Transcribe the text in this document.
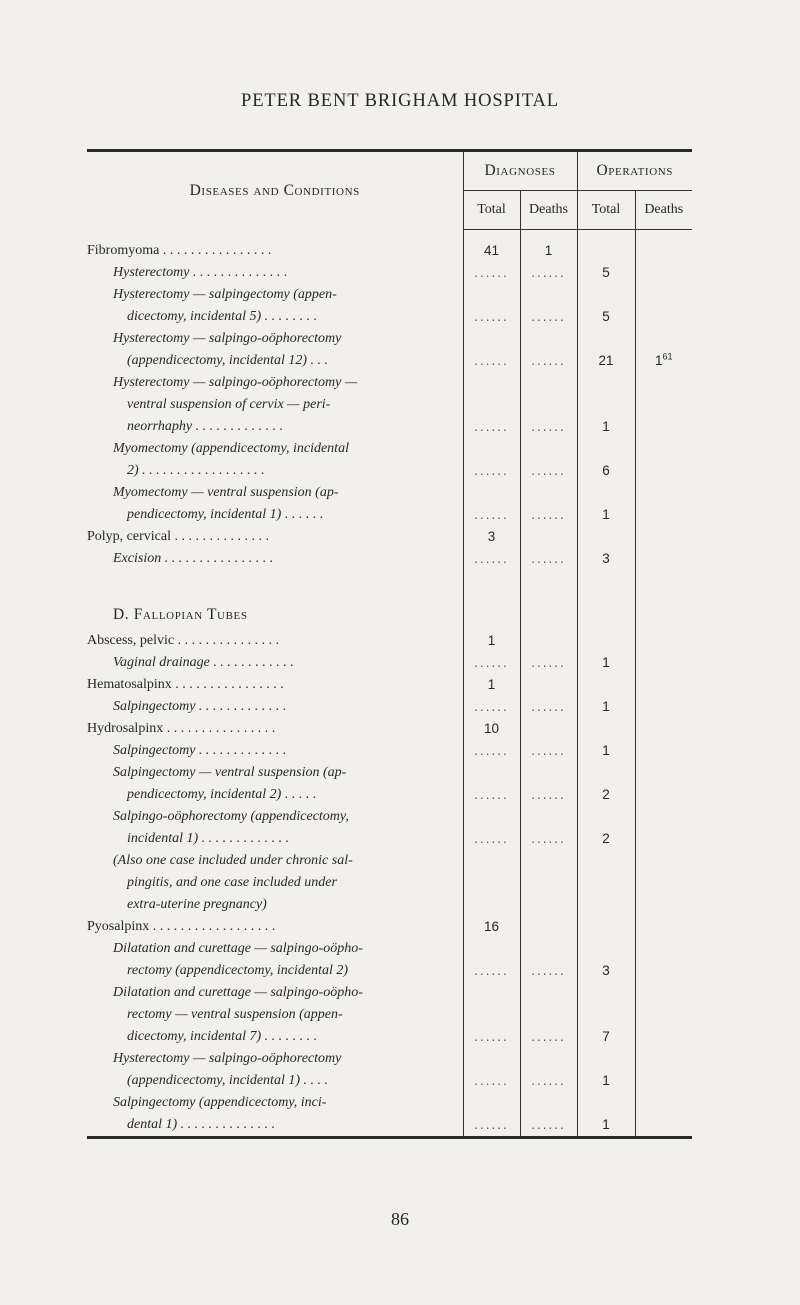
PETER BENT BRIGHAM HOSPITAL
Diseases and Conditions	Diagnoses		Operations	
	Total	Deaths	Total	Deaths

Fibromyoma . . . . . . . . . . . . . . . .	41	1		

Hysterectomy . . . . . . . . . . . . . .	......	......	5	

Hysterectomy — salpingectomy (appen-
dicectomy, incidental 5) . . . . . . . .	......	......	5	

Hysterectomy — salpingo-oöphorectomy
(appendicectomy, incidental 12) . . .	......	......	21	$1^{61}$

Hysterectomy — salpingo-oöphorectomy —
ventral suspension of cervix — peri-
neorrhaphy . . . . . . . . . . . . .	......	......	1	

Myomectomy (appendicectomy, incidental
2) . . . . . . . . . . . . . . . . . .	......	......	6	

Myomectomy — ventral suspension (ap-
pendicectomy, incidental 1) . . . . . .	......	......	1	

Polyp, cervical . . . . . . . . . . . . . .	3			

Excision . . . . . . . . . . . . . . . .	......	......	3	
D. Fallopian Tubes				

Abscess, pelvic . . . . . . . . . . . . . . .	1			

Vaginal drainage . . . . . . . . . . . .	......	......	1	

Hematosalpinx . . . . . . . . . . . . . . . .	1			

Salpingectomy . . . . . . . . . . . . .	......	......	1	

Hydrosalpinx . . . . . . . . . . . . . . . .	10			

Salpingectomy . . . . . . . . . . . . .	......	......	1	

Salpingectomy — ventral suspension (ap-
pendicectomy, incidental 2) . . . . .	......	......	2	

Salpingo-oöphorectomy (appendicectomy,
incidental 1) . . . . . . . . . . . . .	......	......	2	

(Also one case included under chronic sal-
pingitis, and one case included under
extra-uterine pregnancy)				

Pyosalpinx . . . . . . . . . . . . . . . . . .	16			

Dilatation and curettage — salpingo-oöpho-
rectomy (appendicectomy, incidental 2)	......	......	3	

Dilatation and curettage — salpingo-oöpho-
rectomy — ventral suspension (appen-
dicectomy, incidental 7) . . . . . . . .	......	......	7	

Hysterectomy — salpingo-oöphorectomy
(appendicectomy, incidental 1) . . . .	......	......	1	

Salpingectomy (appendicectomy, inci-
dental 1) . . . . . . . . . . . . . .	......	......	1	
86
